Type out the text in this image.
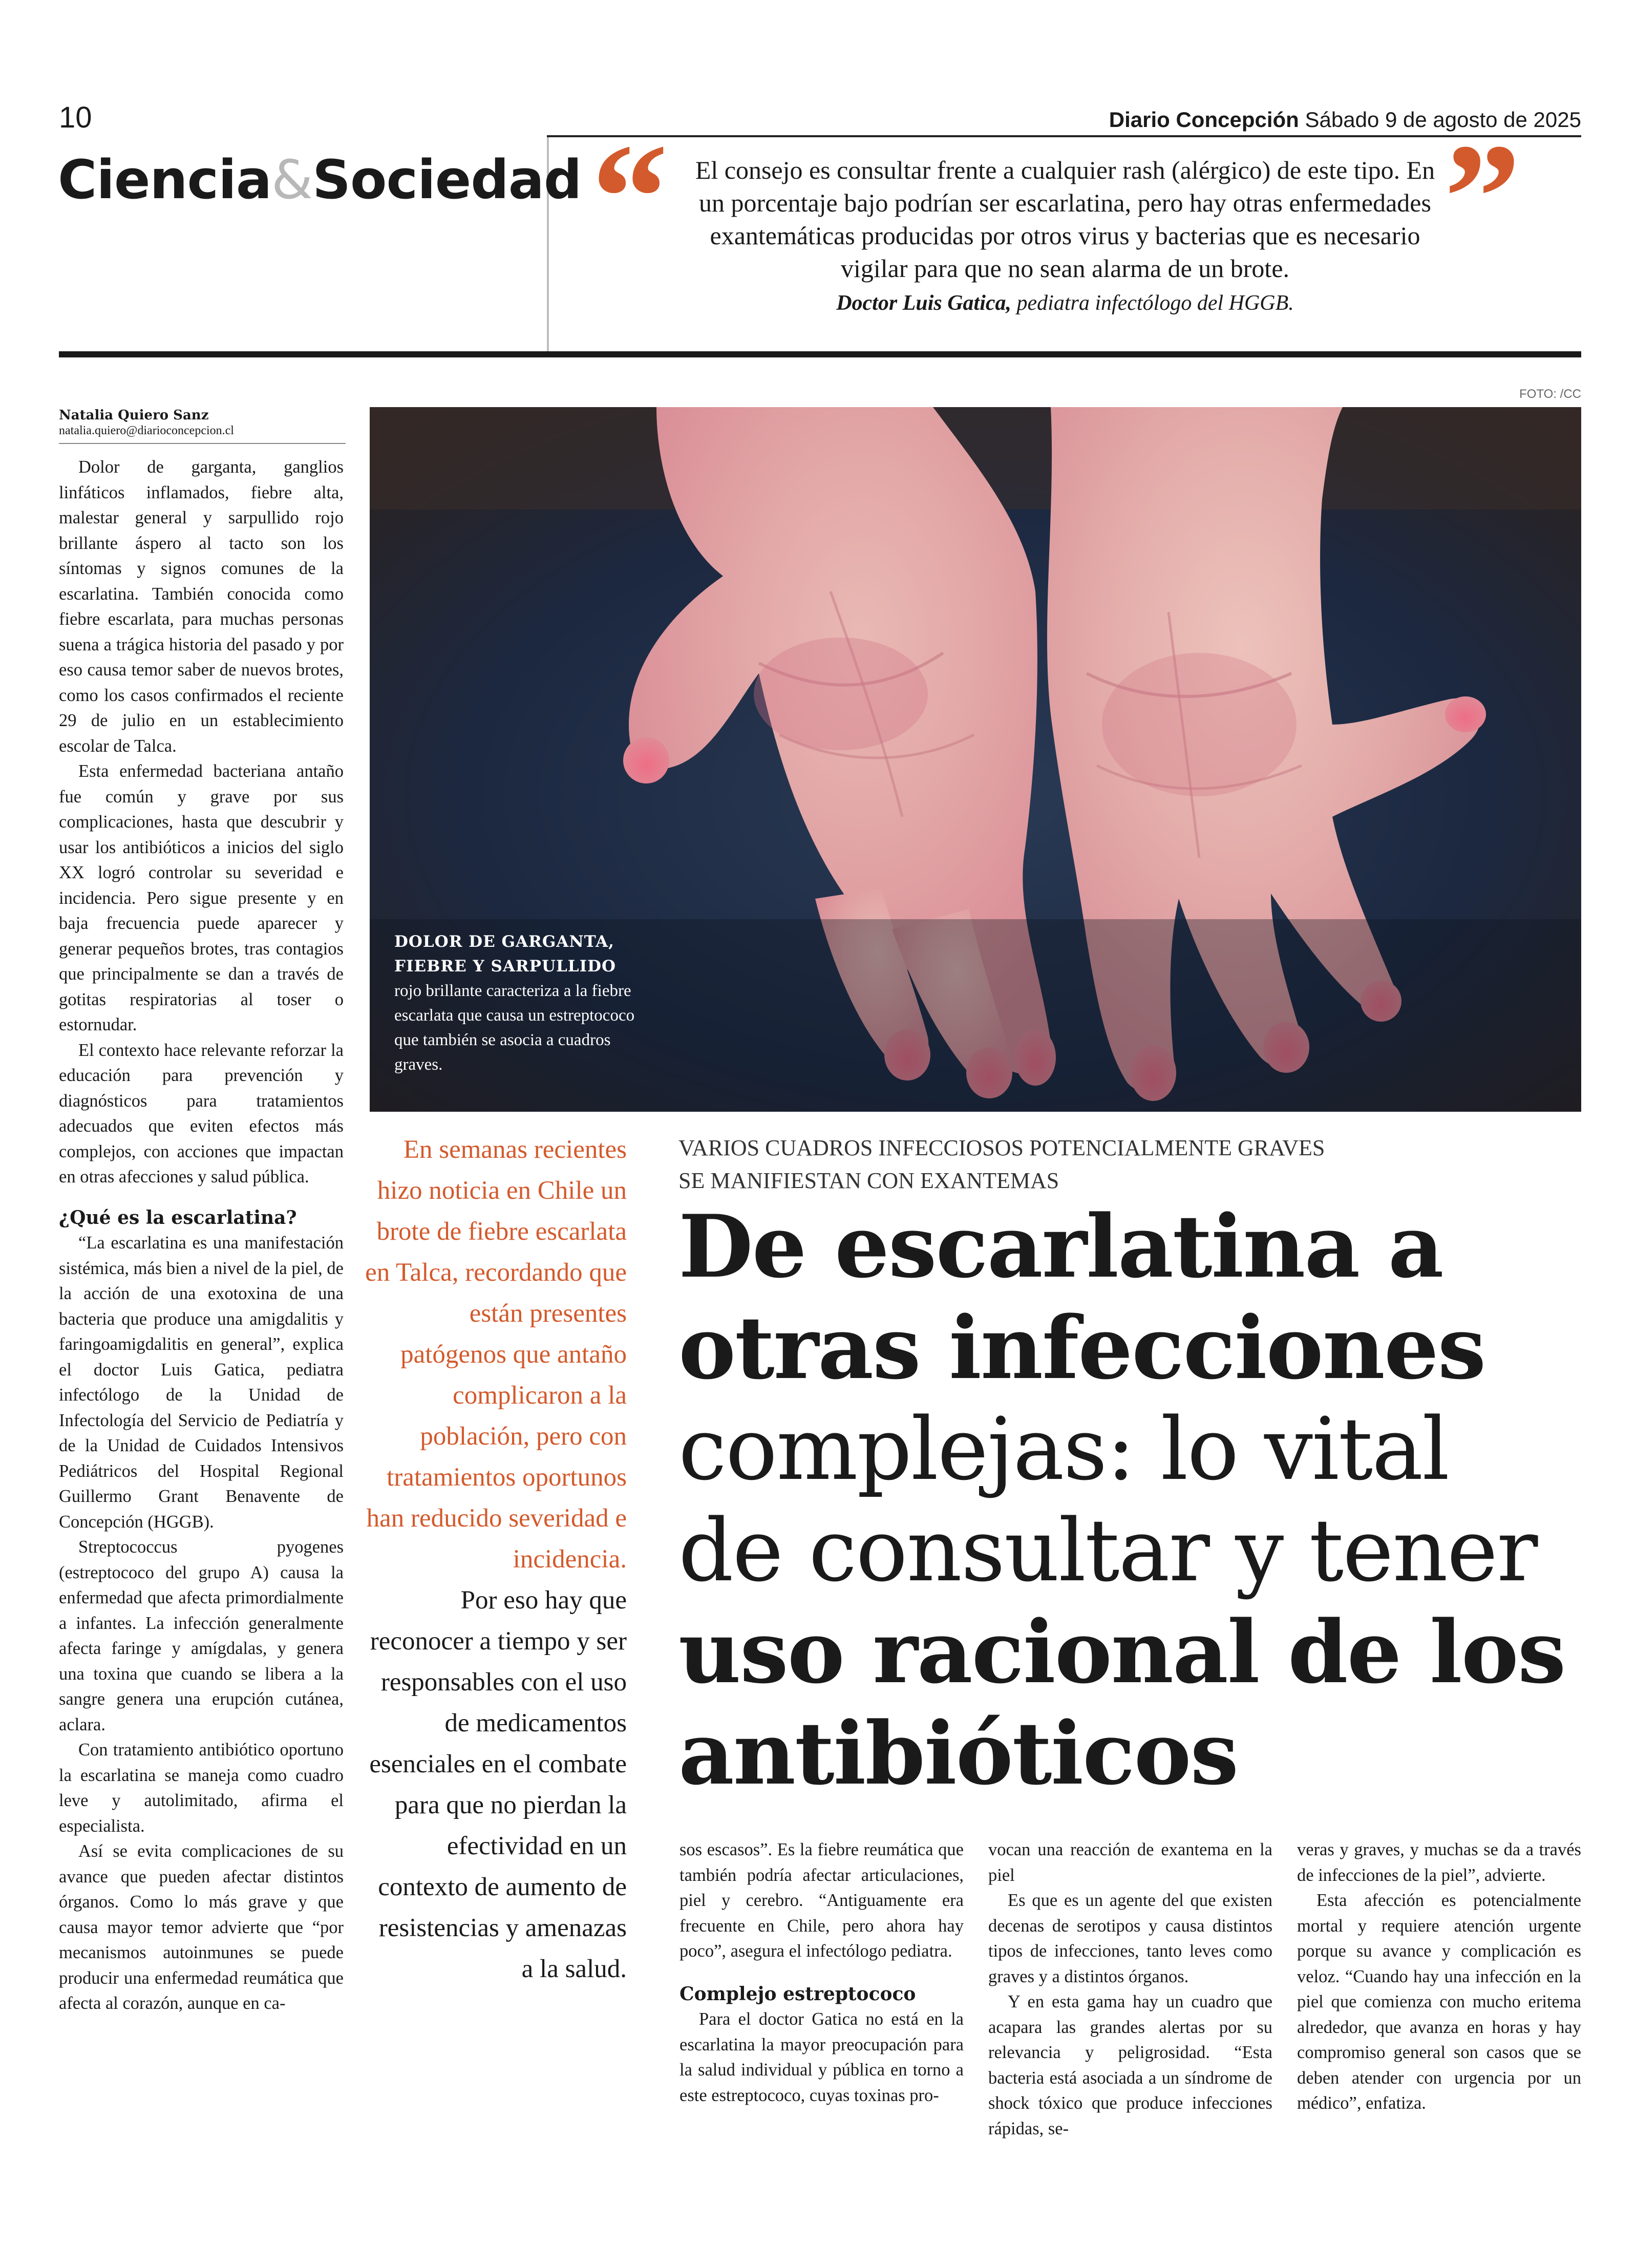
10	Diario Concepción Sábado 9 de agosto de 2025
Ciencia&Sociedad “	El consejo es consultar frente a cualquier rash (alérgico) de este tipo. En un porcentaje bajo podrían ser escarlatina, pero hay otras enfermedades exantemáticas producidas por otros virus y bacterias que es necesario vigilar para que no sean alarma de un brote.
Doctor Luis Gatica, pediatra infectólogo del HGGB.
”
Natalia Quiero Sanz
natalia.quiero@diarioconcepcion.cl

Dolor de garganta, ganglios linfáticos inflamados, fiebre alta, malestar general y sarpullido rojo brillante áspero al tacto son los síntomas y signos comunes de la escarlatina. También conocida como fiebre escarlata, para muchas personas suena a trágica historia del pasado y por eso causa temor saber de nuevos brotes, como los casos confirmados el reciente 29 de julio en un establecimiento escolar de Talca.

Esta enfermedad bacteriana antaño fue común y grave por sus complicaciones, hasta que descubrir y usar los antibióticos a inicios del siglo XX logró controlar su severidad e incidencia. Pero sigue presente y en baja frecuencia puede aparecer y generar pequeños brotes, tras contagios que principalmente se dan a través de gotitas respiratorias al toser o estornudar.

El contexto hace relevante reforzar la educación para prevención y diagnósticos para tratamientos adecuados que eviten efectos más complejos, con acciones que impactan en otras afecciones y salud pública.

¿Qué es la escarlatina?

“La escarlatina es una manifestación sistémica, más bien a nivel de la piel, de la acción de una exotoxina de una bacteria que produce una amigdalitis y faringoamigdalitis en general”, explica el doctor Luis Gatica, pediatra infectólogo de la Unidad de Infectología del Servicio de Pediatría y de la Unidad de Cuidados Intensivos Pediátricos del Hospital Regional Guillermo Grant Benavente de Concepción (HGGB).

Streptococcus pyogenes (estreptococo del grupo A) causa la enfermedad que afecta primordialmente a infantes. La infección generalmente afecta faringe y amígdalas, y genera una toxina que cuando se libera a la sangre genera una erupción cutánea, aclara.

Con tratamiento antibiótico oportuno la escarlatina se maneja como cuadro leve y autolimitado, afirma el especialista.

Así se evita complicaciones de su avance que pueden afectar distintos órganos. Como lo más grave y que causa mayor temor advierte que “por mecanismos autoinmunes se puede producir una enfermedad reumática que afecta al corazón, aunque en ca-

FOTO: /CC
DOLOR DE GARGANTA,
FIEBRE Y SARPULLIDO
rojo brillante caracteriza a la fiebre escarlata que causa un estreptococo que también se asocia a cuadros graves.
En semanas recientes hizo noticia en Chile un brote de fiebre escarlata en Talca, recordando que están presentes patógenos que antaño complicaron a la población, pero con tratamientos oportunos han reducido severidad e incidencia.
Por eso hay que reconocer a tiempo y ser responsables con el uso de medicamentos esenciales en el combate para que no pierdan la efectividad en un contexto de aumento de resistencias y amenazas a la salud.
VARIOS CUADROS INFECCIOSOS POTENCIALMENTE GRAVES
SE MANIFIESTAN CON EXANTEMAS
De escarlatina a
otras infecciones
complejas: lo vital
de consultar y tener
uso racional de los
antibióticos

sos escasos”. Es la fiebre reumática que también podría afectar articulaciones, piel y cerebro. “Antiguamente era frecuente en Chile, pero ahora hay poco”, asegura el infectólogo pediatra.

Complejo estreptococo

Para el doctor Gatica no está en la escarlatina la mayor preocupación para la salud individual y pública en torno a este estreptococo, cuyas toxinas pro-

vocan una reacción de exantema en la piel

Es que es un agente del que existen decenas de serotipos y causa distintos tipos de infecciones, tanto leves como graves y a distintos órganos.

Y en esta gama hay un cuadro que acapara las grandes alertas por su relevancia y peligrosidad. “Esta bacteria está asociada a un síndrome de shock tóxico que produce infecciones rápidas, se-

veras y graves, y muchas se da a través de infecciones de la piel”, advierte.

Esta afección es potencialmente mortal y requiere atención urgente porque su avance y complicación es veloz. “Cuando hay una infección en la piel que comienza con mucho eritema alrededor, que avanza en horas y hay compromiso general son casos que se deben atender con urgencia por un médico”, enfatiza.
